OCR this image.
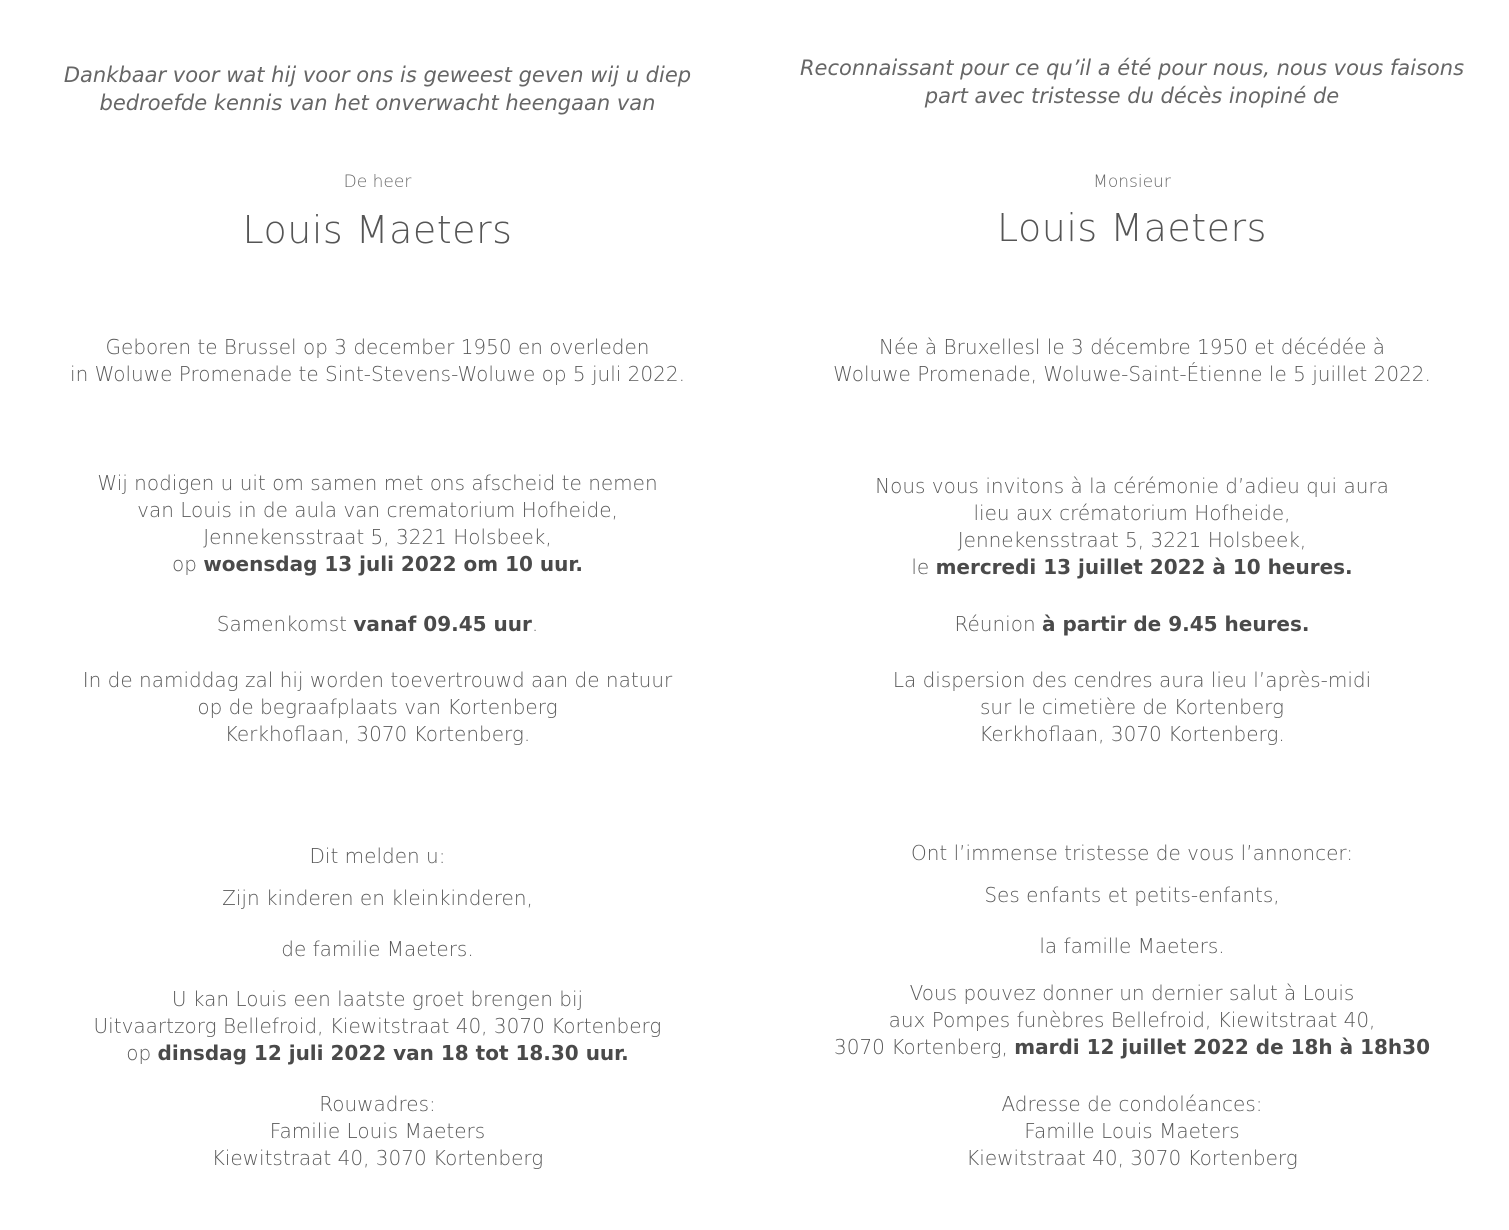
Dankbaar voor wat hij voor ons is geweest geven wij u diep
bedroefde kennis van het onverwacht heengaan van
De heer
Louis Maeters
Geboren te Brussel op 3 december 1950 en overleden
in Woluwe Promenade te Sint-Stevens-Woluwe op 5 juli 2022.
Wij nodigen u uit om samen met ons afscheid te nemen
van Louis in de aula van crematorium Hofheide,
Jennekensstraat 5, 3221 Holsbeek,
op woensdag 13 juli 2022 om 10 uur.
Samenkomst vanaf 09.45 uur.
In de namiddag zal hij worden toevertrouwd aan de natuur
op de begraafplaats van Kortenberg
Kerkhoflaan, 3070 Kortenberg.
Dit melden u:
Zijn kinderen en kleinkinderen,
de familie Maeters.
U kan Louis een laatste groet brengen bij
Uitvaartzorg Bellefroid, Kiewitstraat 40, 3070 Kortenberg
op dinsdag 12 juli 2022 van 18 tot 18.30 uur.
Rouwadres:
Familie Louis Maeters
Kiewitstraat 40, 3070 Kortenberg
Reconnaissant pour ce qu’il a été pour nous, nous vous faisons
part avec tristesse du décès inopiné de
Monsieur
Louis Maeters
Née à Bruxellesl le 3 décembre 1950 et décédée à
Woluwe Promenade, Woluwe-Saint-Étienne le 5 juillet 2022.
Nous vous invitons à la cérémonie d’adieu qui aura
lieu aux crématorium Hofheide,
Jennekensstraat 5, 3221 Holsbeek,
le mercredi 13 juillet 2022 à 10 heures.
Réunion à partir de 9.45 heures.
La dispersion des cendres aura lieu l’après-midi
sur le cimetière de Kortenberg
Kerkhoflaan, 3070 Kortenberg.
Ont l’immense tristesse de vous l’annoncer:
Ses enfants et petits-enfants,
la famille Maeters.
Vous pouvez donner un dernier salut à Louis
aux Pompes funèbres Bellefroid, Kiewitstraat 40,
3070 Kortenberg, mardi 12 juillet 2022 de 18h à 18h30
Adresse de condoléances:
Famille Louis Maeters
Kiewitstraat 40, 3070 Kortenberg
